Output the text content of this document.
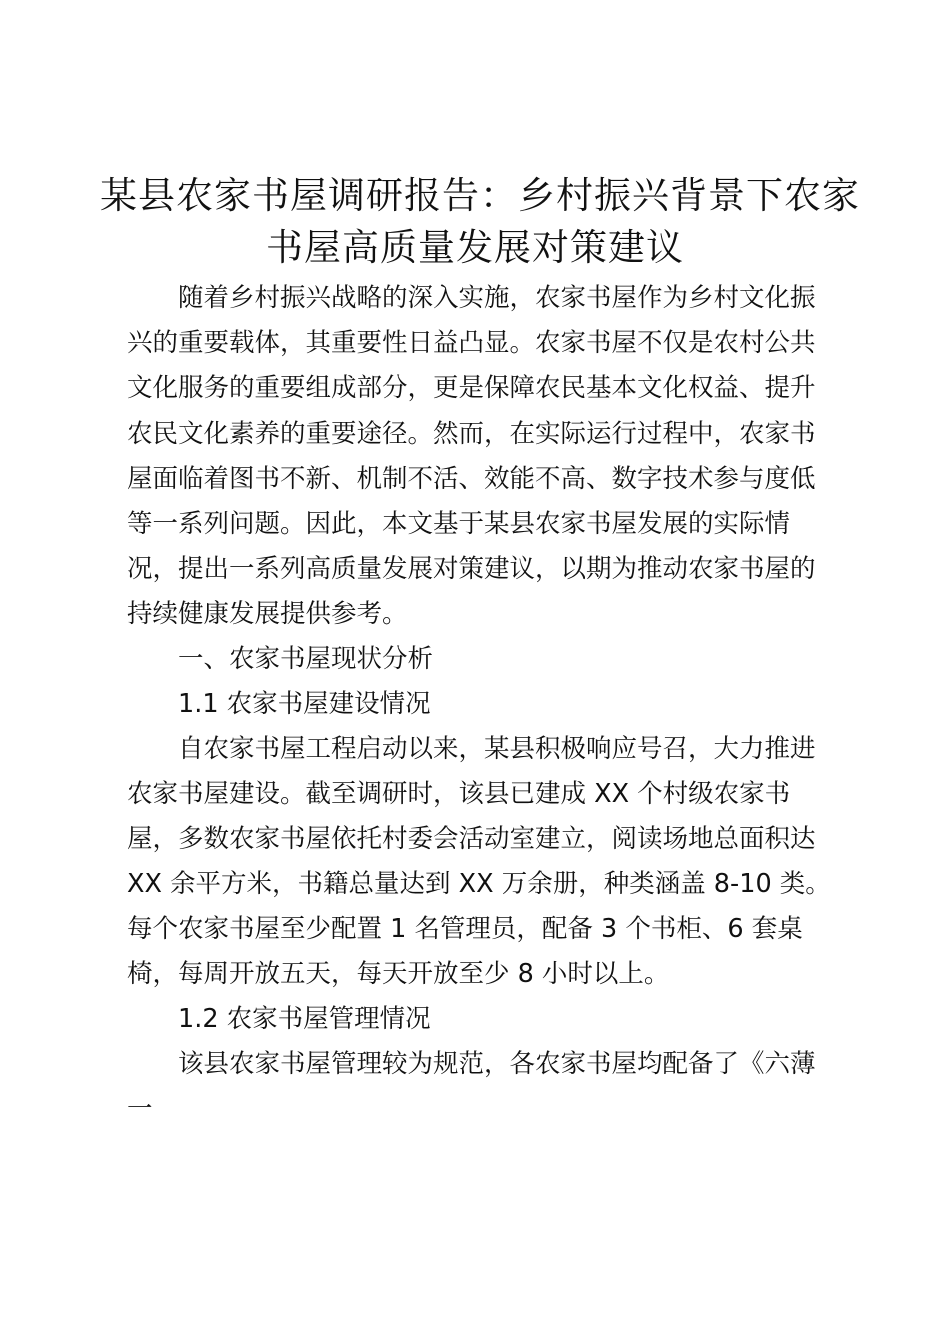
某县农家书屋调研报告：乡村振兴背景下农家
书屋高质量发展对策建议

随着乡村振兴战略的深入实施，农家书屋作为乡村文化振

兴的重要载体，其重要性日益凸显。农家书屋不仅是农村公共

文化服务的重要组成部分，更是保障农民基本文化权益、提升

农民文化素养的重要途径。然而，在实际运行过程中，农家书

屋面临着图书不新、机制不活、效能不高、数字技术参与度低

等一系列问题。因此，本文基于某县农家书屋发展的实际情

况，提出一系列高质量发展对策建议，以期为推动农家书屋的

持续健康发展提供参考。

一、农家书屋现状分析

1.1 农家书屋建设情况

自农家书屋工程启动以来，某县积极响应号召，大力推进

农家书屋建设。截至调研时，该县已建成 XX 个村级农家书

屋，多数农家书屋依托村委会活动室建立，阅读场地总面积达

XX 余平方米，书籍总量达到 XX 万余册，种类涵盖 8-10 类。

每个农家书屋至少配置 1 名管理员，配备 3 个书柜、6 套桌

椅，每周开放五天，每天开放至少 8 小时以上。

1.2 农家书屋管理情况

该县农家书屋管理较为规范，各农家书屋均配备了《六薄

一
